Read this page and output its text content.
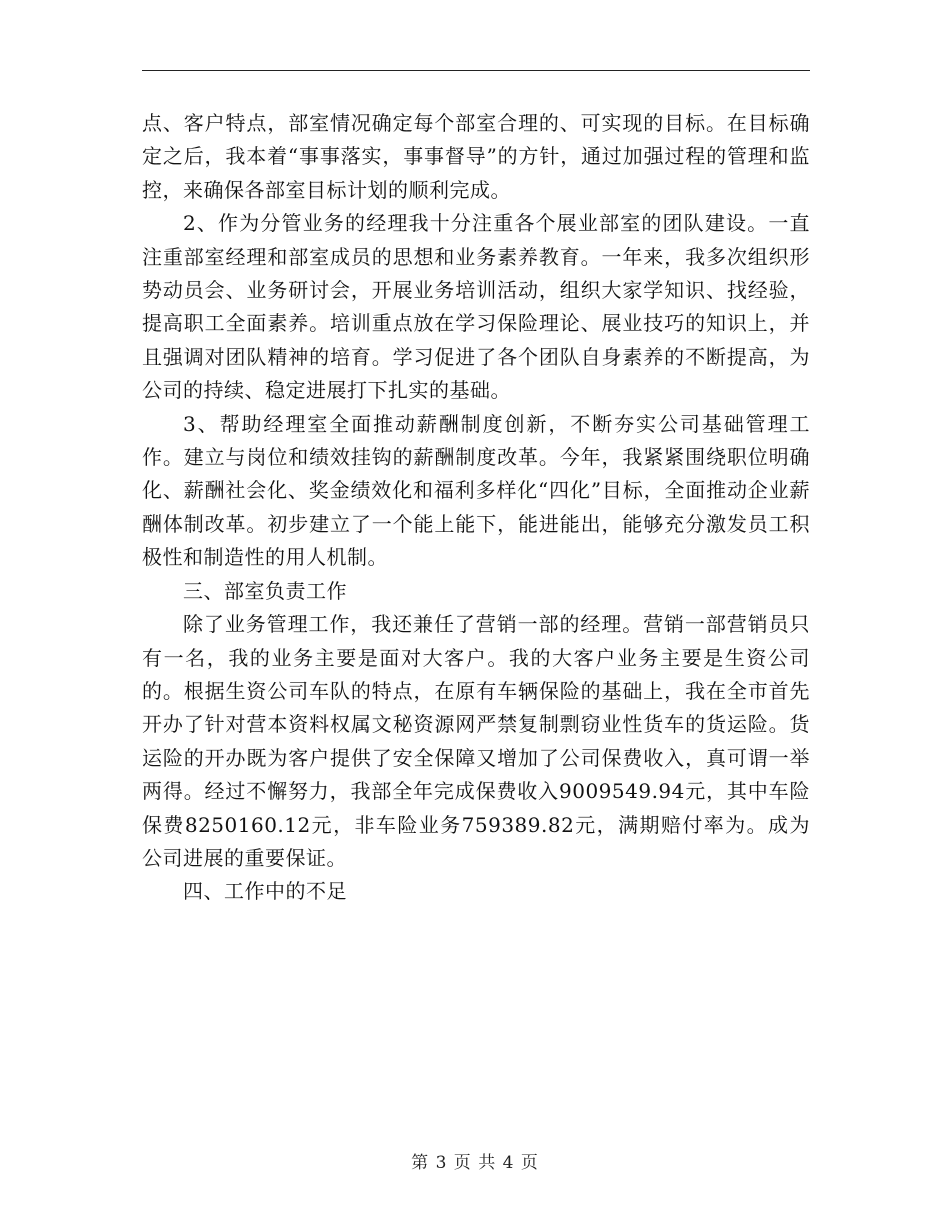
点、客户特点，部室情况确定每个部室合理的、可实现的目标。在目标确定之后，我本着“事事落实，事事督导”的方针，通过加强过程的管理和监控，来确保各部室目标计划的顺利完成。

2、作为分管业务的经理我十分注重各个展业部室的团队建设。一直注重部室经理和部室成员的思想和业务素养教育。一年来，我多次组织形势动员会、业务研讨会，开展业务培训活动，组织大家学知识、找经验，提高职工全面素养。培训重点放在学习保险理论、展业技巧的知识上，并且强调对团队精神的培育。学习促进了各个团队自身素养的不断提高，为公司的持续、稳定进展打下扎实的基础。

3、帮助经理室全面推动薪酬制度创新，不断夯实公司基础管理工作。建立与岗位和绩效挂钩的薪酬制度改革。今年，我紧紧围绕职位明确化、薪酬社会化、奖金绩效化和福利多样化“四化”目标，全面推动企业薪酬体制改革。初步建立了一个能上能下，能进能出，能够充分激发员工积极性和制造性的用人机制。

三、部室负责工作

除了业务管理工作，我还兼任了营销一部的经理。营销一部营销员只有一名，我的业务主要是面对大客户。我的大客户业务主要是生资公司的。根据生资公司车队的特点，在原有车辆保险的基础上，我在全市首先开办了针对营本资料权属文秘资源网严禁复制剽窃业性货车的货运险。货运险的开办既为客户提供了安全保障又增加了公司保费收入，真可谓一举两得。经过不懈努力，我部全年完成保费收入9009549.94元，其中车险保费8250160.12元，非车险业务759389.82元，满期赔付率为。成为公司进展的重要保证。

四、工作中的不足

第 3 页 共 4 页
